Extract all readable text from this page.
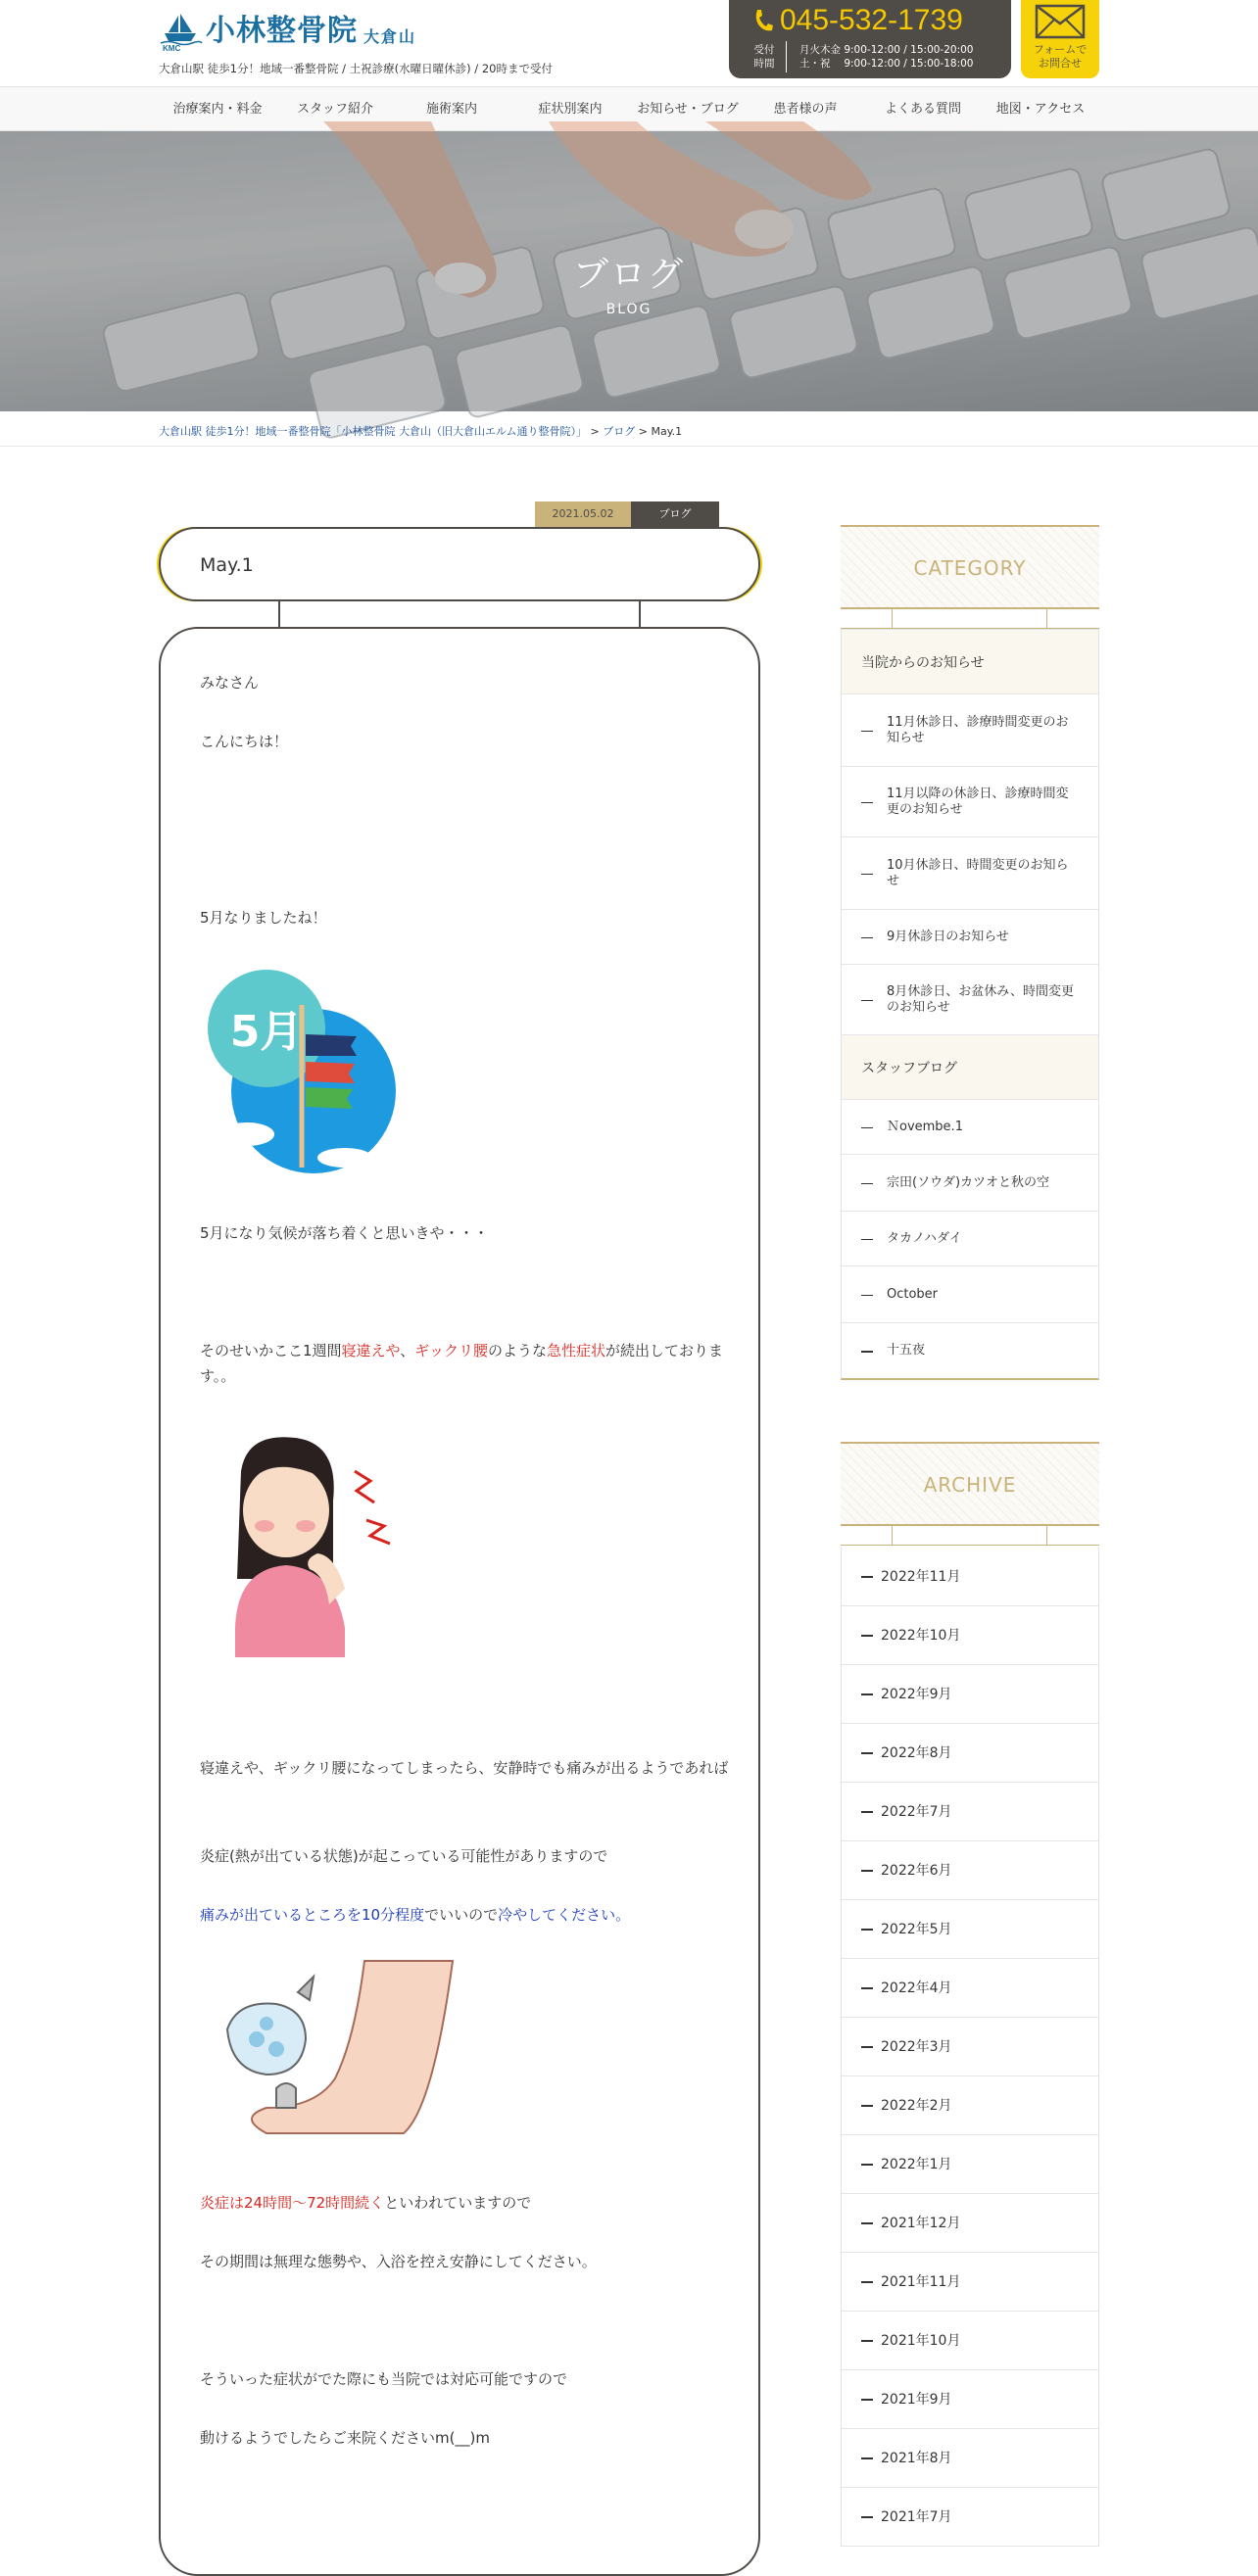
KMC
小林整骨院 大倉山
大倉山駅 徒歩1分！地域一番整骨院 / 土祝診療(水曜日曜休診) / 20時まで受付
045-532-1739
受付
時間
月火木金 9:00-12:00 / 15:00-20:00
土・祝　 9:00-12:00 / 15:00-18:00
フォームで
お問合せ
治療案内・料金	スタッフ紹介	施術案内	症状別案内	お知らせ・ブログ	患者様の声	よくある質問	地図・アクセス
ブログ
BLOG
大倉山駅 徒歩1分！地域一番整骨院「小林整骨院 大倉山（旧大倉山エルム通り整骨院）」 > ブログ > May.1
2021.05.02	ブログ
May.1
みなさん
こんにちは！
5月なりましたね！
5月
5月になり気候が落ち着くと思いきや・・・
そのせいかここ1週間寝違えや、ギックリ腰のような急性症状が続出しております。。
寝違えや、ギックリ腰になってしまったら、安静時でも痛みが出るようであれば
炎症(熱が出ている状態)が起こっている可能性がありますので
痛みが出ているところを10分程度でいいので冷やしてください。
炎症は24時間～72時間続くといわれていますので
その期間は無理な態勢や、入浴を控え安静にしてください。
そういった症状がでた際にも当院では対応可能ですので
動けるようでしたらご来院くださいm(__)m
CATEGORY
当院からのお知らせ
11月休診日、診療時間変更のお知らせ
11月以降の休診日、診療時間変更のお知らせ
10月休診日、時間変更のお知らせ
9月休診日のお知らせ
8月休診日、お盆休み、時間変更のお知らせ
スタッフブログ
Ｎovembe.1
宗田(ソウダ)カツオと秋の空
タカノハダイ
October
十五夜
ARCHIVE
2022年11月
2022年10月
2022年9月
2022年8月
2022年7月
2022年6月
2022年5月
2022年4月
2022年3月
2022年2月
2022年1月
2021年12月
2021年11月
2021年10月
2021年9月
2021年8月
2021年7月
